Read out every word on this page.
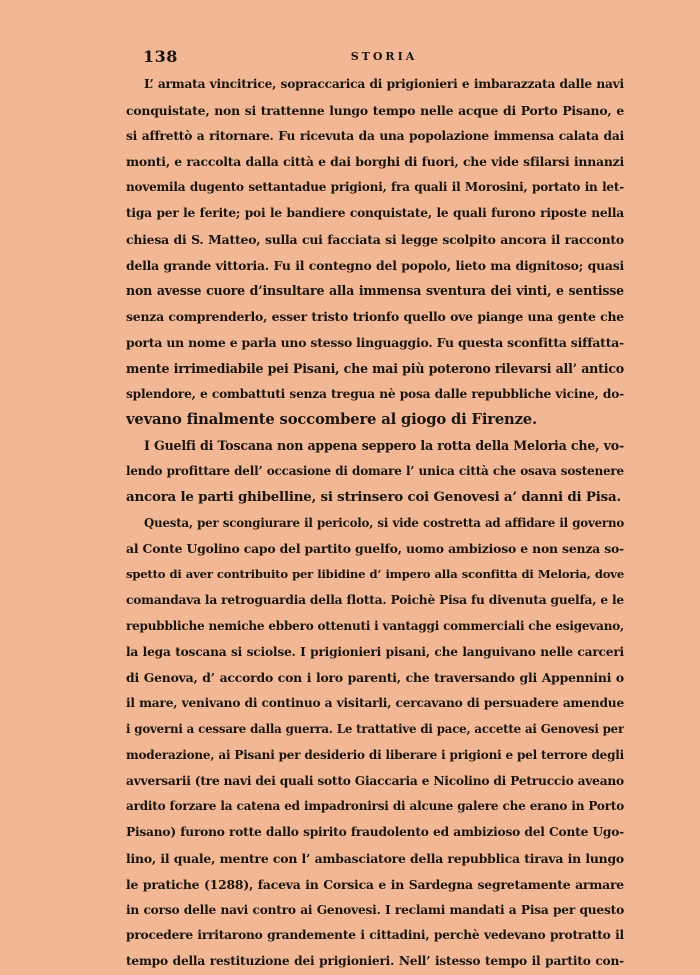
138	STORIA
L’ armata vincitrice, sopraccarica di prigionieri e imbarazzata dalle navi
conquistate, non si trattenne lungo tempo nelle acque di Porto Pisano, e
si affrettò a ritornare. Fu ricevuta da una popolazione immensa calata dai
monti, e raccolta dalla città e dai borghi di fuori, che vide sfilarsi innanzi
novemila dugento settantadue prigioni, fra quali il Morosini, portato in let-
tiga per le ferite; poi le bandiere conquistate, le quali furono riposte nella
chiesa di S. Matteo, sulla cui facciata si legge scolpito ancora il racconto
della grande vittoria. Fu il contegno del popolo, lieto ma dignitoso; quasi
non avesse cuore d’insultare alla immensa sventura dei vinti, e sentisse
senza comprenderlo, esser tristo trionfo quello ove piange una gente che
porta un nome e parla uno stesso linguaggio. Fu questa sconfitta siffatta-
mente irrimediabile pei Pisani, che mai più poterono rilevarsi all’ antico
splendore, e combattuti senza tregua nè posa dalle repubbliche vicine, do-
vevano finalmente soccombere al giogo di Firenze.
I Guelfi di Toscana non appena seppero la rotta della Meloria che, vo-
lendo profittare dell’ occasione di domare l’ unica città che osava sostenere
ancora le parti ghibelline, si strinsero coi Genovesi a’ danni di Pisa.
Questa, per scongiurare il pericolo, si vide costretta ad affidare il governo
al Conte Ugolino capo del partito guelfo, uomo ambizioso e non senza so-
spetto di aver contribuito per libidine d’ impero alla sconfitta di Meloria, dove
comandava la retroguardia della flotta. Poichè Pisa fu divenuta guelfa, e le
repubbliche nemiche ebbero ottenuti i vantaggi commerciali che esigevano,
la lega toscana si sciolse. I prigionieri pisani, che languivano nelle carceri
di Genova, d’ accordo con i loro parenti, che traversando gli Appennini o
il mare, venivano di continuo a visitarli, cercavano di persuadere amendue
i governi a cessare dalla guerra. Le trattative di pace, accette ai Genovesi per
moderazione, ai Pisani per desiderio di liberare i prigioni e pel terrore degli
avversarii (tre navi dei quali sotto Giaccaria e Nicolino di Petruccio aveano
ardito forzare la catena ed impadronirsi di alcune galere che erano in Porto
Pisano) furono rotte dallo spirito fraudolento ed ambizioso del Conte Ugo-
lino, il quale, mentre con l’ ambasciatore della repubblica tirava in lungo
le pratiche (1288), faceva in Corsica e in Sardegna segretamente armare
in corso delle navi contro ai Genovesi. I reclami mandati a Pisa per questo
procedere irritarono grandemente i cittadini, perchè vedevano protratto il
tempo della restituzione dei prigionieri. Nell’ istesso tempo il partito con-
